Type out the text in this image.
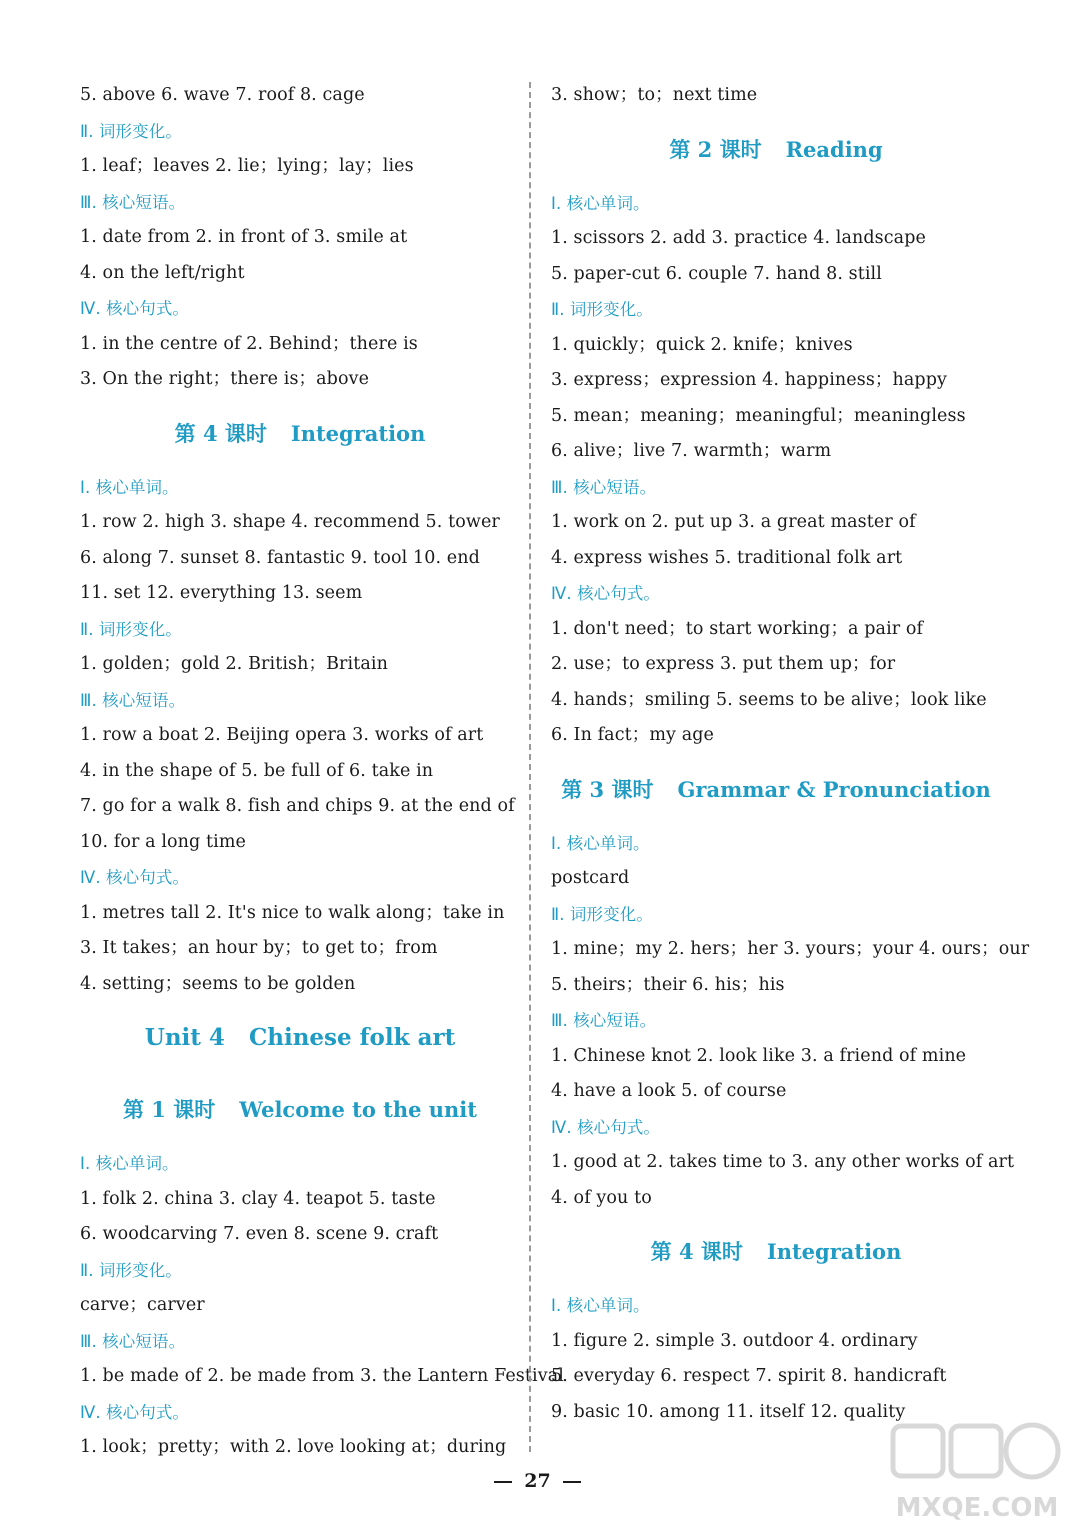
5. above 6. wave 7. roof 8. cage
Ⅱ. 词形变化。
1. leaf；leaves 2. lie；lying；lay；lies
Ⅲ. 核心短语。
1. date from 2. in front of 3. smile at
4. on the left/right
Ⅳ. 核心句式。
1. in the centre of 2. Behind；there is
3. On the right；there is；above
第 4 课时 Integration
Ⅰ. 核心单词。
1. row 2. high 3. shape 4. recommend 5. tower
6. along 7. sunset 8. fantastic 9. tool 10. end
11. set 12. everything 13. seem
Ⅱ. 词形变化。
1. golden；gold 2. British；Britain
Ⅲ. 核心短语。
1. row a boat 2. Beijing opera 3. works of art
4. in the shape of 5. be full of 6. take in
7. go for a walk 8. fish and chips 9. at the end of
10. for a long time
Ⅳ. 核心句式。
1. metres tall 2. It's nice to walk along；take in
3. It takes；an hour by；to get to；from
4. setting；seems to be golden
Unit 4 Chinese folk art
第 1 课时 Welcome to the unit
Ⅰ. 核心单词。
1. folk 2. china 3. clay 4. teapot 5. taste
6. woodcarving 7. even 8. scene 9. craft
Ⅱ. 词形变化。
carve；carver
Ⅲ. 核心短语。
1. be made of 2. be made from 3. the Lantern Festival
Ⅳ. 核心句式。
1. look；pretty；with 2. love looking at；during
3. show；to；next time
第 2 课时 Reading
Ⅰ. 核心单词。
1. scissors 2. add 3. practice 4. landscape
5. paper-cut 6. couple 7. hand 8. still
Ⅱ. 词形变化。
1. quickly；quick 2. knife；knives
3. express；expression 4. happiness；happy
5. mean；meaning；meaningful；meaningless
6. alive；live 7. warmth；warm
Ⅲ. 核心短语。
1. work on 2. put up 3. a great master of
4. express wishes 5. traditional folk art
Ⅳ. 核心句式。
1. don't need；to start working；a pair of
2. use；to express 3. put them up；for
4. hands；smiling 5. seems to be alive；look like
6. In fact；my age
第 3 课时 Grammar & Pronunciation
Ⅰ. 核心单词。
postcard
Ⅱ. 词形变化。
1. mine；my 2. hers；her 3. yours；your 4. ours；our
5. theirs；their 6. his；his
Ⅲ. 核心短语。
1. Chinese knot 2. look like 3. a friend of mine
4. have a look 5. of course
Ⅳ. 核心句式。
1. good at 2. takes time to 3. any other works of art
4. of you to
第 4 课时 Integration
Ⅰ. 核心单词。
1. figure 2. simple 3. outdoor 4. ordinary
5. everyday 6. respect 7. spirit 8. handicraft
9. basic 10. among 11. itself 12. quality
27
MXQE.COM
